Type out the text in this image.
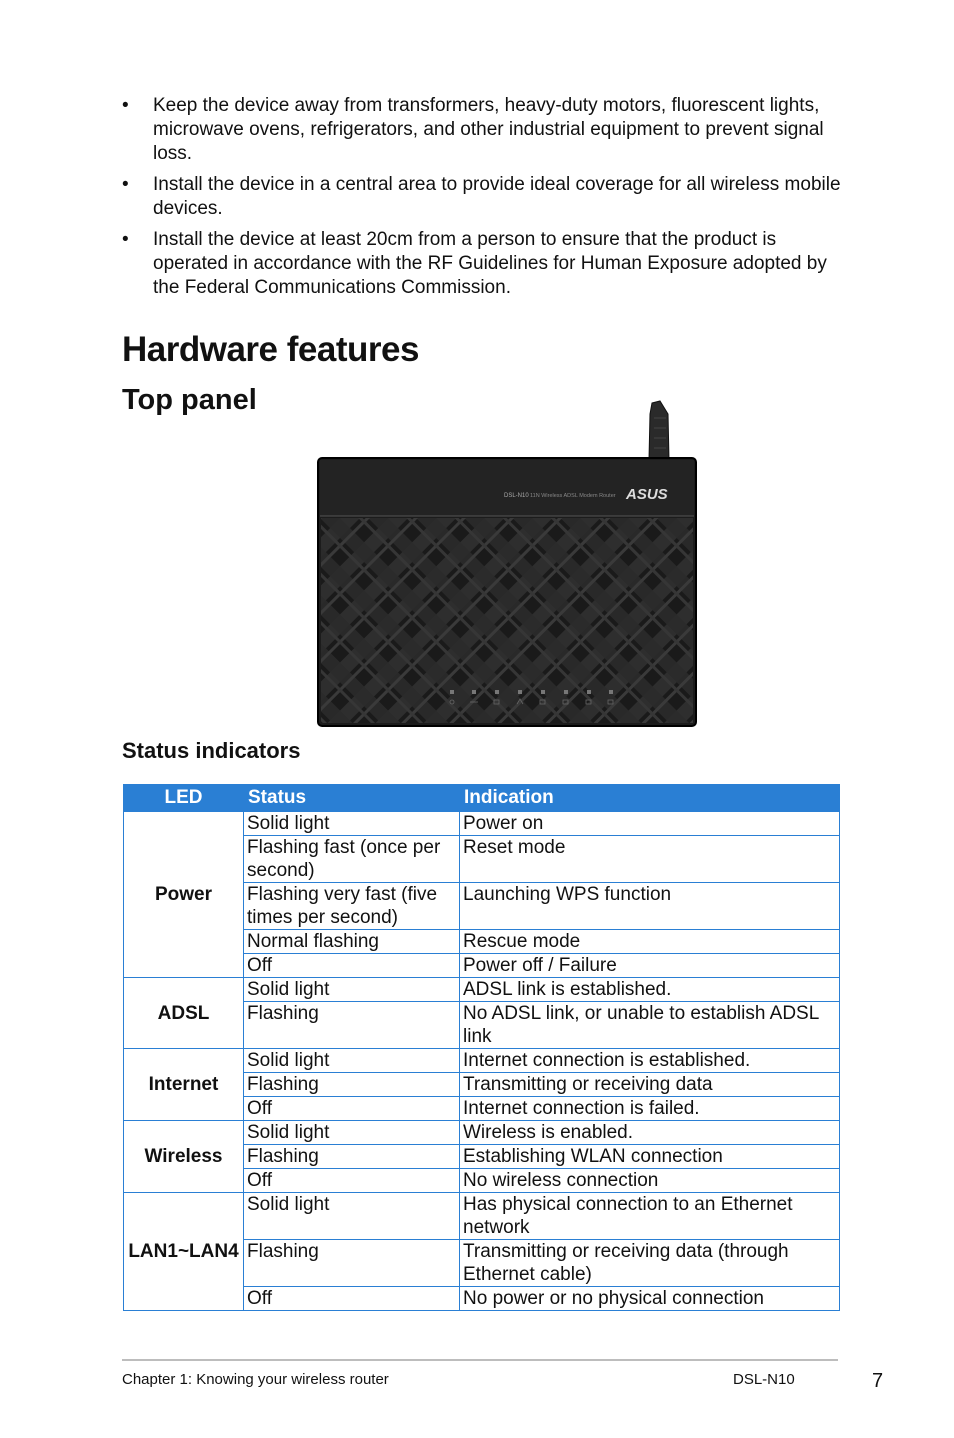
• Keep the device away from transformers, heavy-duty motors, fluorescent lights, microwave ovens, refrigerators, and other industrial equipment to prevent signal loss.
• Install the device in a central area to provide ideal coverage for all wireless mobile devices.
• Install the device at least 20cm from a person to ensure that the product is operated in accordance with the RF Guidelines for Human Exposure adopted by the Federal Communications Commission.
Hardware features
Top panel
DSL-N10 11N Wireless ADSL Modem Router ASUS
Status indicators
LED	Status	Indication
Power	Solid light	Power on
	Flashing fast (once per second)	Reset mode
	Flashing very fast (five times per second)	Launching WPS function
	Normal flashing	Rescue mode
	Off	Power off / Failure
ADSL	Solid light	ADSL link is established.
	Flashing	No ADSL link, or unable to establish ADSL link
Internet	Solid light	Internet connection is established.
	Flashing	Transmitting or receiving data
	Off	Internet connection is failed.
Wireless	Solid light	Wireless is enabled.
	Flashing	Establishing WLAN connection
	Off	No wireless connection
LAN1~LAN4	Solid light	Has physical connection to an Ethernet network
	Flashing	Transmitting or receiving data (through Ethernet cable)
	Off	No power or no physical connection
Chapter 1: Knowing your wireless router	DSL-N10	7
